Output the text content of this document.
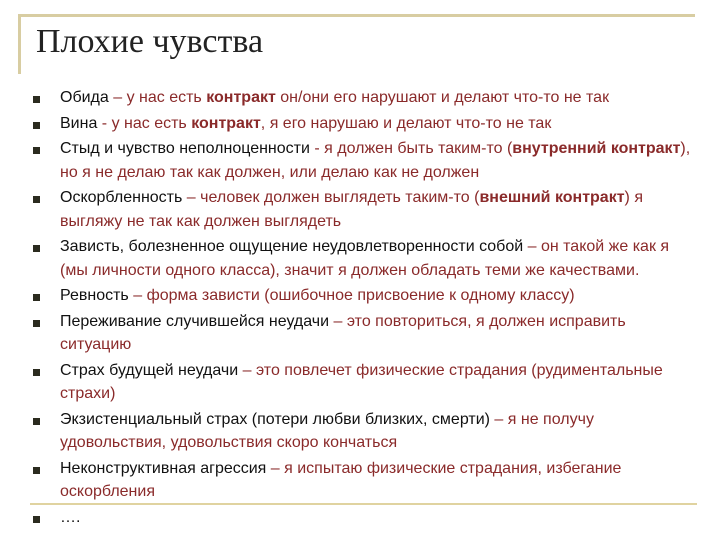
Плохие чувства
Обида – у нас есть контракт он/они его нарушают и делают что-то не так
Вина - у нас есть контракт, я его нарушаю и делают что-то не так
Стыд и чувство неполноценности - я должен быть таким-то (внутренний контракт), но я не делаю так как должен, или делаю как не должен
Оскорбленность – человек должен выглядеть таким-то (внешний контракт) я выгляжу не так как должен выглядеть
Зависть, болезненное ощущение неудовлетворенности собой – он такой же как я (мы личности одного класса), значит я должен обладать теми же качествами.
Ревность – форма зависти (ошибочное присвоение к одному классу)
Переживание случившейся неудачи – это повториться, я должен исправить ситуацию
Страх будущей неудачи – это повлечет физические страдания (рудиментальные страхи)
Экзистенциальный страх (потери любви близких, смерти) – я не получу удовольствия, удовольствия скоро кончаться
Неконструктивная агрессия – я испытаю физические страдания, избегание оскорбления
….
